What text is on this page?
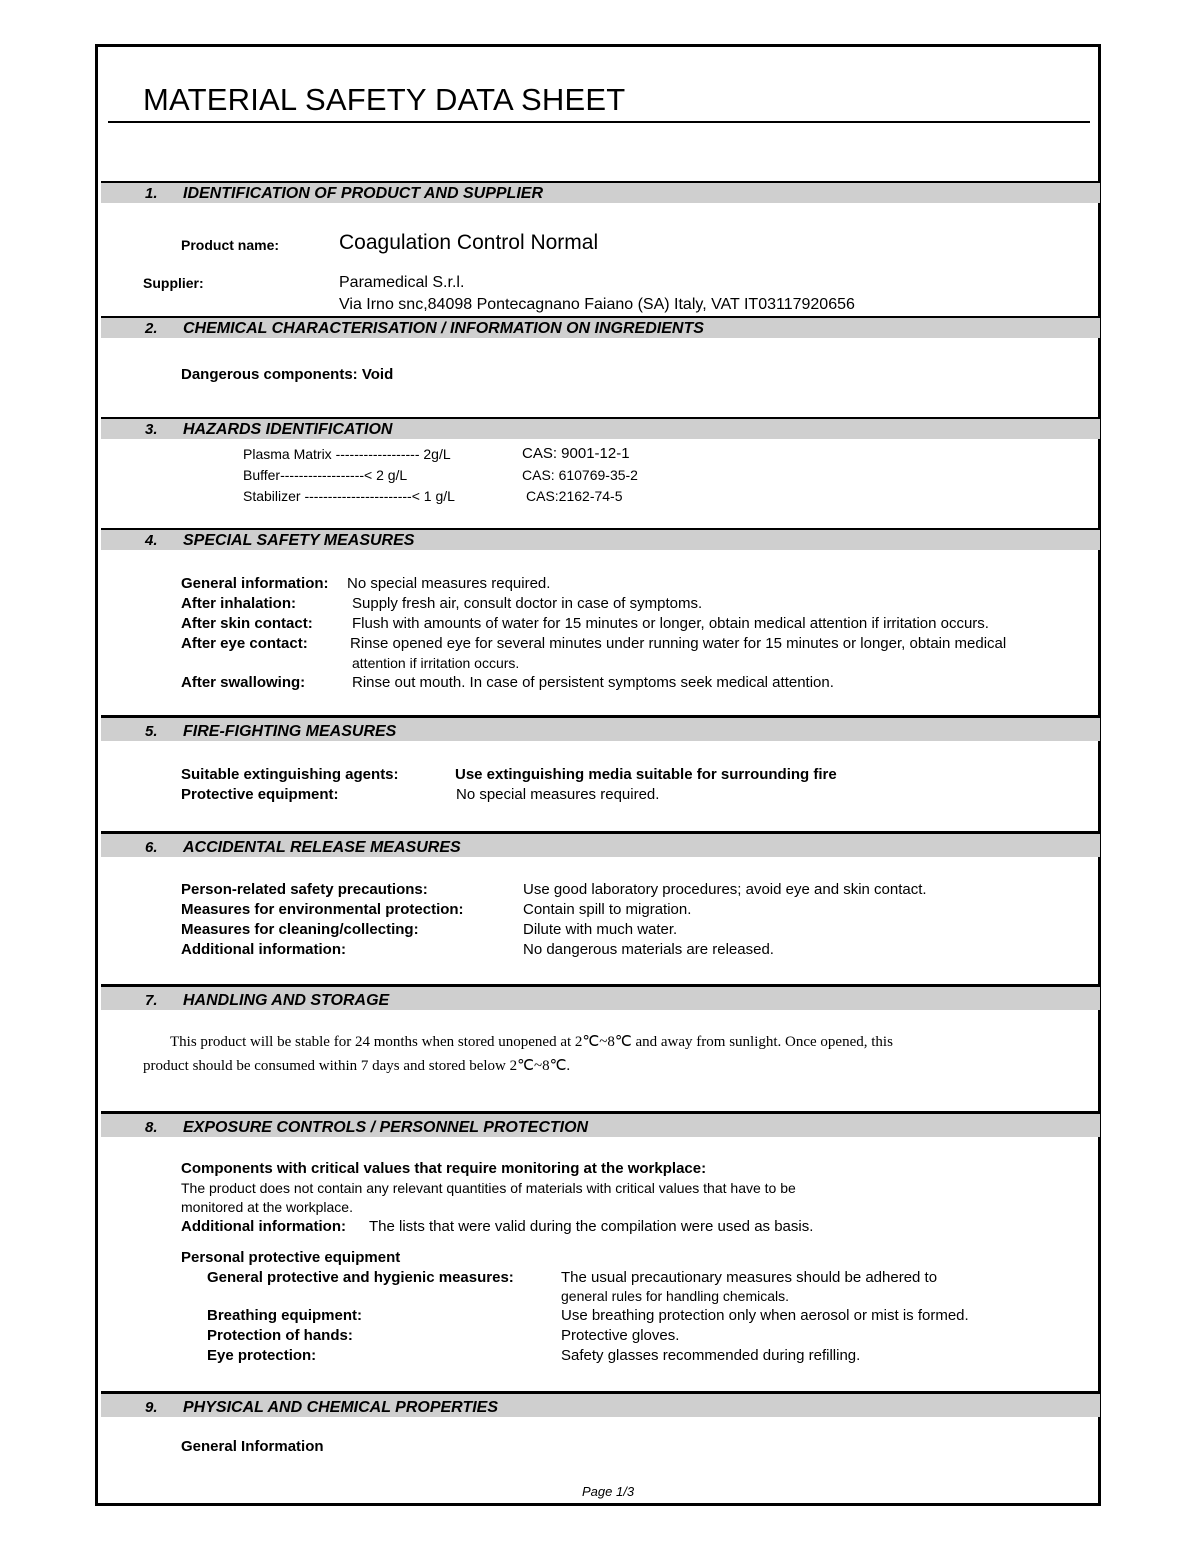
MATERIAL SAFETY DATA SHEET
1. IDENTIFICATION OF PRODUCT AND SUPPLIER
Product name:	Coagulation Control Normal
Supplier:	Paramedical S.r.l.
Via Irno snc,84098 Pontecagnano Faiano (SA) Italy, VAT IT03117920656
2. CHEMICAL CHARACTERISATION / INFORMATION ON INGREDIENTS
Dangerous components: Void
3. HAZARDS IDENTIFICATION
Plasma Matrix ------------------ 2g/L	CAS: 9001-12-1
Buffer------------------< 2 g/L	CAS: 610769-35-2
Stabilizer -----------------------< 1 g/L	CAS:2162-74-5
4. SPECIAL SAFETY MEASURES
General information: No special measures required.
After inhalation:	Supply fresh air, consult doctor in case of symptoms.
After skin contact:	Flush with amounts of water for 15 minutes or longer, obtain medical attention if irritation occurs.
After eye contact:	Rinse opened eye for several minutes under running water for 15 minutes or longer, obtain medical
attention if irritation occurs.
After swallowing:	Rinse out mouth. In case of persistent symptoms seek medical attention.
5. FIRE-FIGHTING MEASURES
Suitable extinguishing agents:	Use extinguishing media suitable for surrounding fire
Protective equipment:	No special measures required.
6. ACCIDENTAL RELEASE MEASURES
Person-related safety precautions:	Use good laboratory procedures; avoid eye and skin contact.
Measures for environmental protection:	Contain spill to migration.
Measures for cleaning/collecting:	Dilute with much water.
Additional information:	No dangerous materials are released.
7. HANDLING AND STORAGE
This product will be stable for 24 months when stored unopened at 2℃~8℃ and away from sunlight. Once opened, this
product should be consumed within 7 days and stored below 2℃~8℃.
8. EXPOSURE CONTROLS / PERSONNEL PROTECTION
Components with critical values that require monitoring at the workplace:
The product does not contain any relevant quantities of materials with critical values that have to be
monitored at the workplace.
Additional information: The lists that were valid during the compilation were used as basis.
Personal protective equipment
General protective and hygienic measures:	The usual precautionary measures should be adhered to
general rules for handling chemicals.
Breathing equipment:	Use breathing protection only when aerosol or mist is formed.
Protection of hands:	Protective gloves.
Eye protection:	Safety glasses recommended during refilling.
9. PHYSICAL AND CHEMICAL PROPERTIES
General Information
Page 1/3
